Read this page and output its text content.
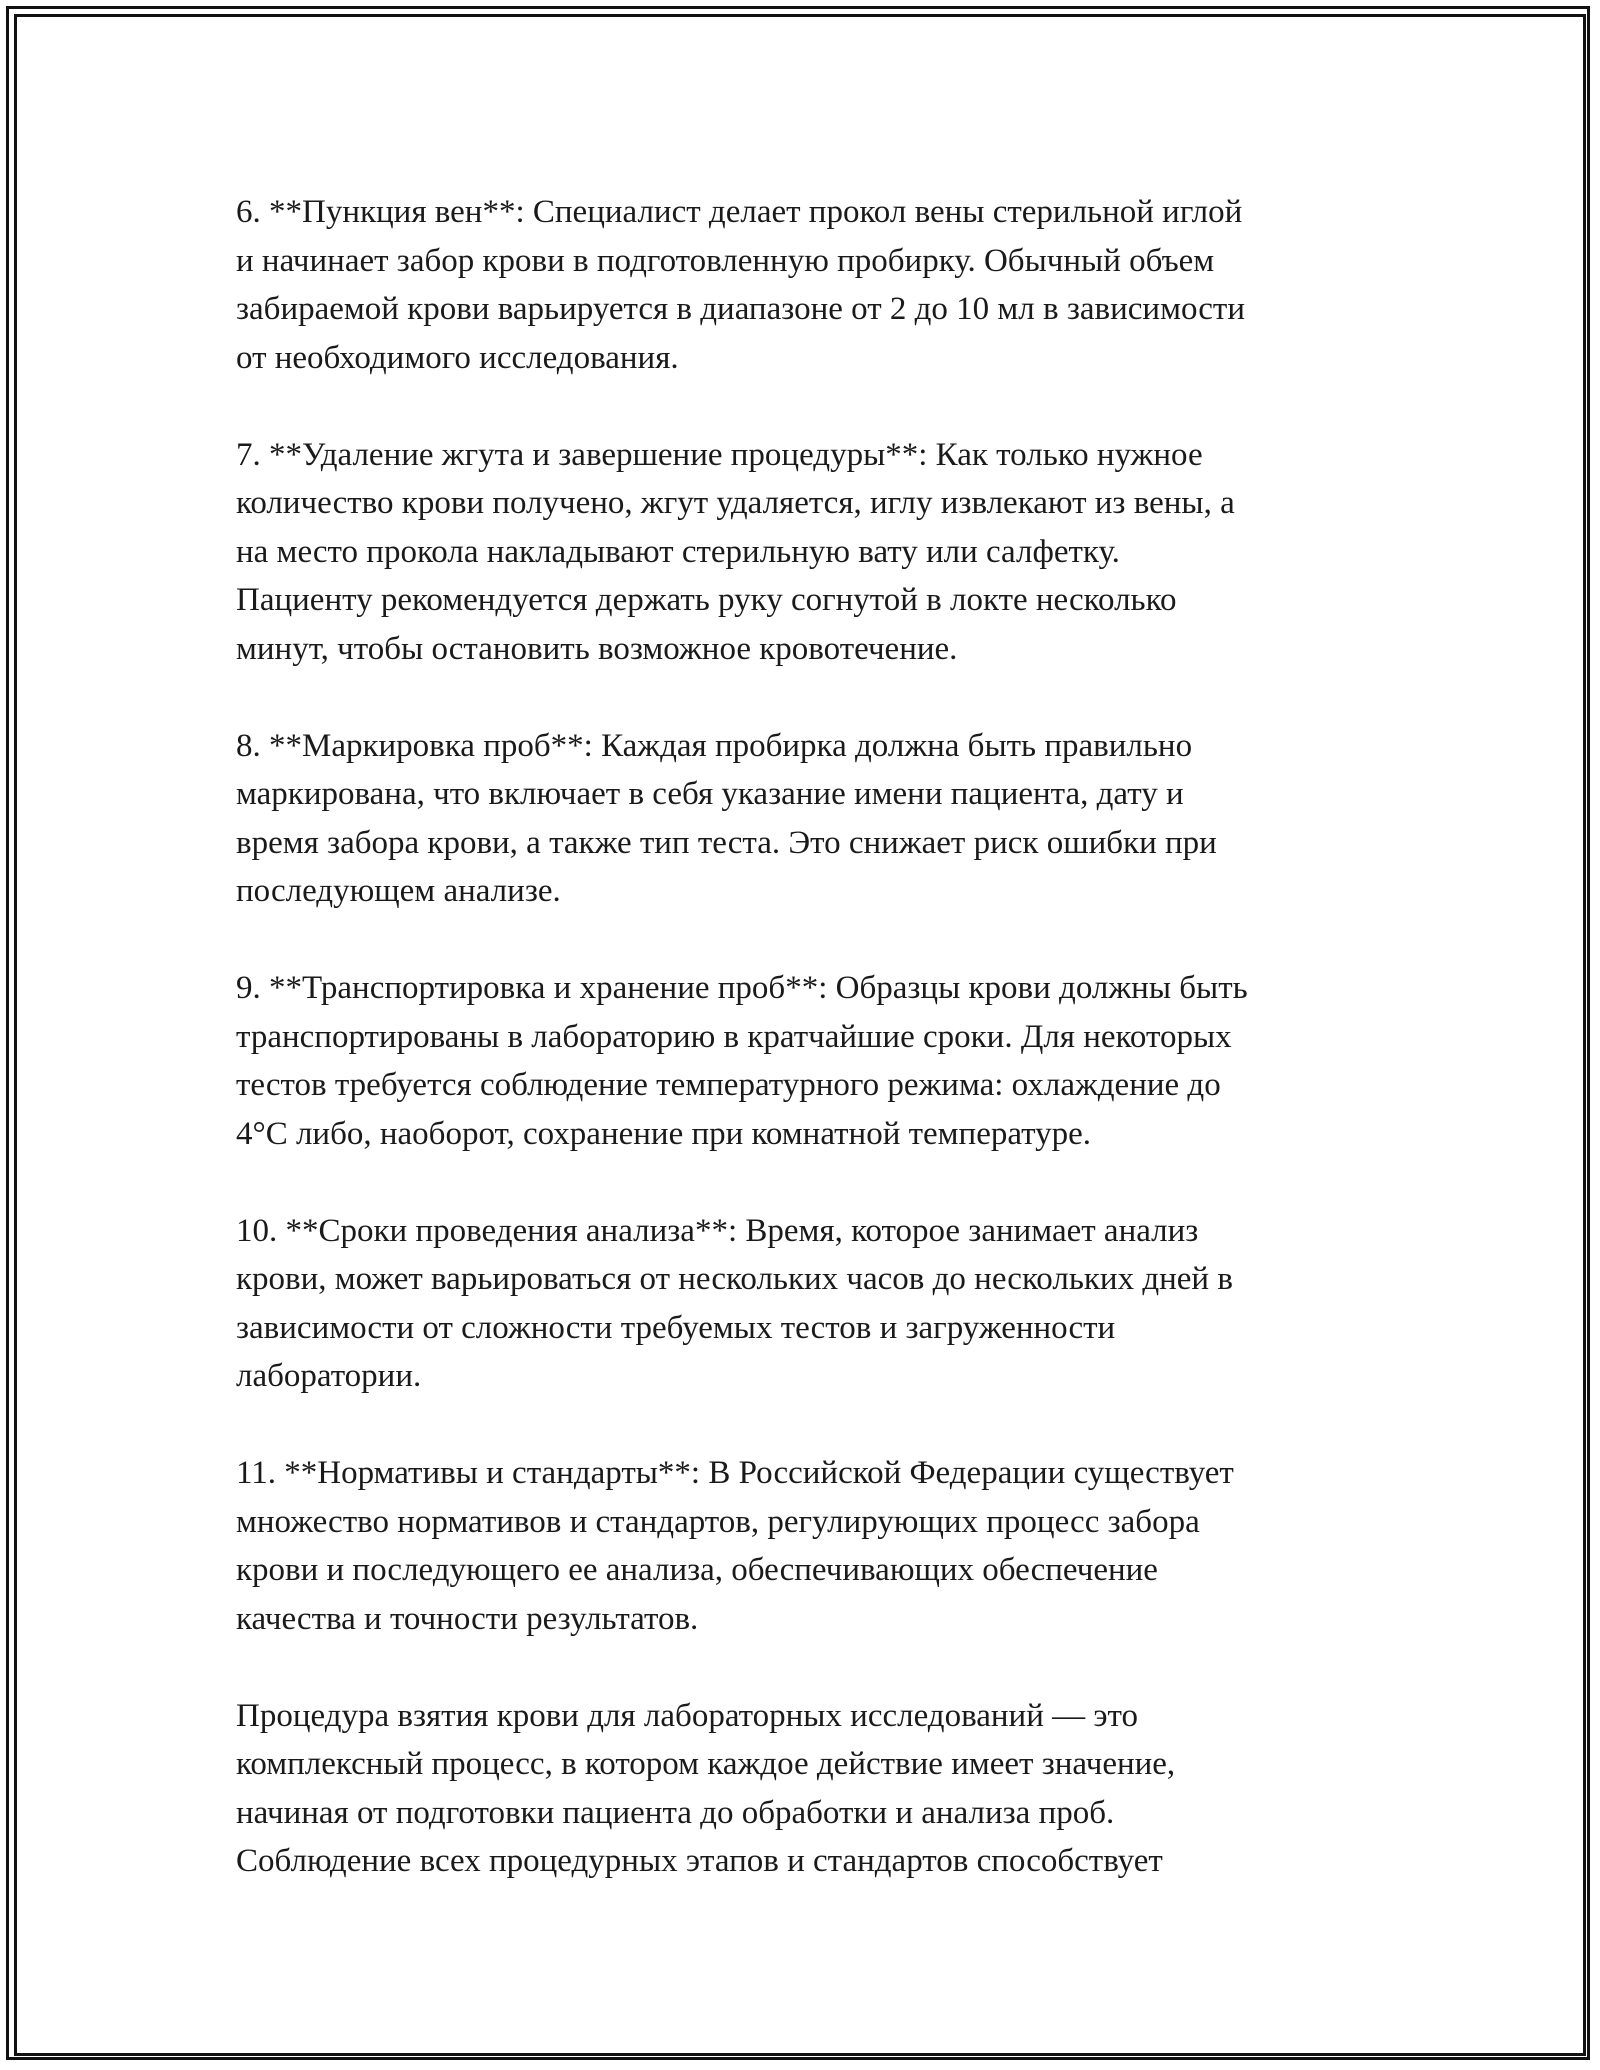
6. **Пункция вен**: Специалист делает прокол вены стерильной иглой
и начинает забор крови в подготовленную пробирку. Обычный объем
забираемой крови варьируется в диапазоне от 2 до 10 мл в зависимости
от необходимого исследования.

7. **Удаление жгута и завершение процедуры**: Как только нужное
количество крови получено, жгут удаляется, иглу извлекают из вены, а
на место прокола накладывают стерильную вату или салфетку.
Пациенту рекомендуется держать руку согнутой в локте несколько
минут, чтобы остановить возможное кровотечение.

8. **Маркировка проб**: Каждая пробирка должна быть правильно
маркирована, что включает в себя указание имени пациента, дату и
время забора крови, а также тип теста. Это снижает риск ошибки при
последующем анализе.

9. **Транспортировка и хранение проб**: Образцы крови должны быть
транспортированы в лабораторию в кратчайшие сроки. Для некоторых
тестов требуется соблюдение температурного режима: охлаждение до
4°C либо, наоборот, сохранение при комнатной температуре.

10. **Сроки проведения анализа**: Время, которое занимает анализ
крови, может варьироваться от нескольких часов до нескольких дней в
зависимости от сложности требуемых тестов и загруженности
лаборатории.

11. **Нормативы и стандарты**: В Российской Федерации существует
множество нормативов и стандартов, регулирующих процесс забора
крови и последующего ее анализа, обеспечивающих обеспечение
качества и точности результатов.

Процедура взятия крови для лабораторных исследований — это
комплексный процесс, в котором каждое действие имеет значение,
начиная от подготовки пациента до обработки и анализа проб.
Соблюдение всех процедурных этапов и стандартов способствует
